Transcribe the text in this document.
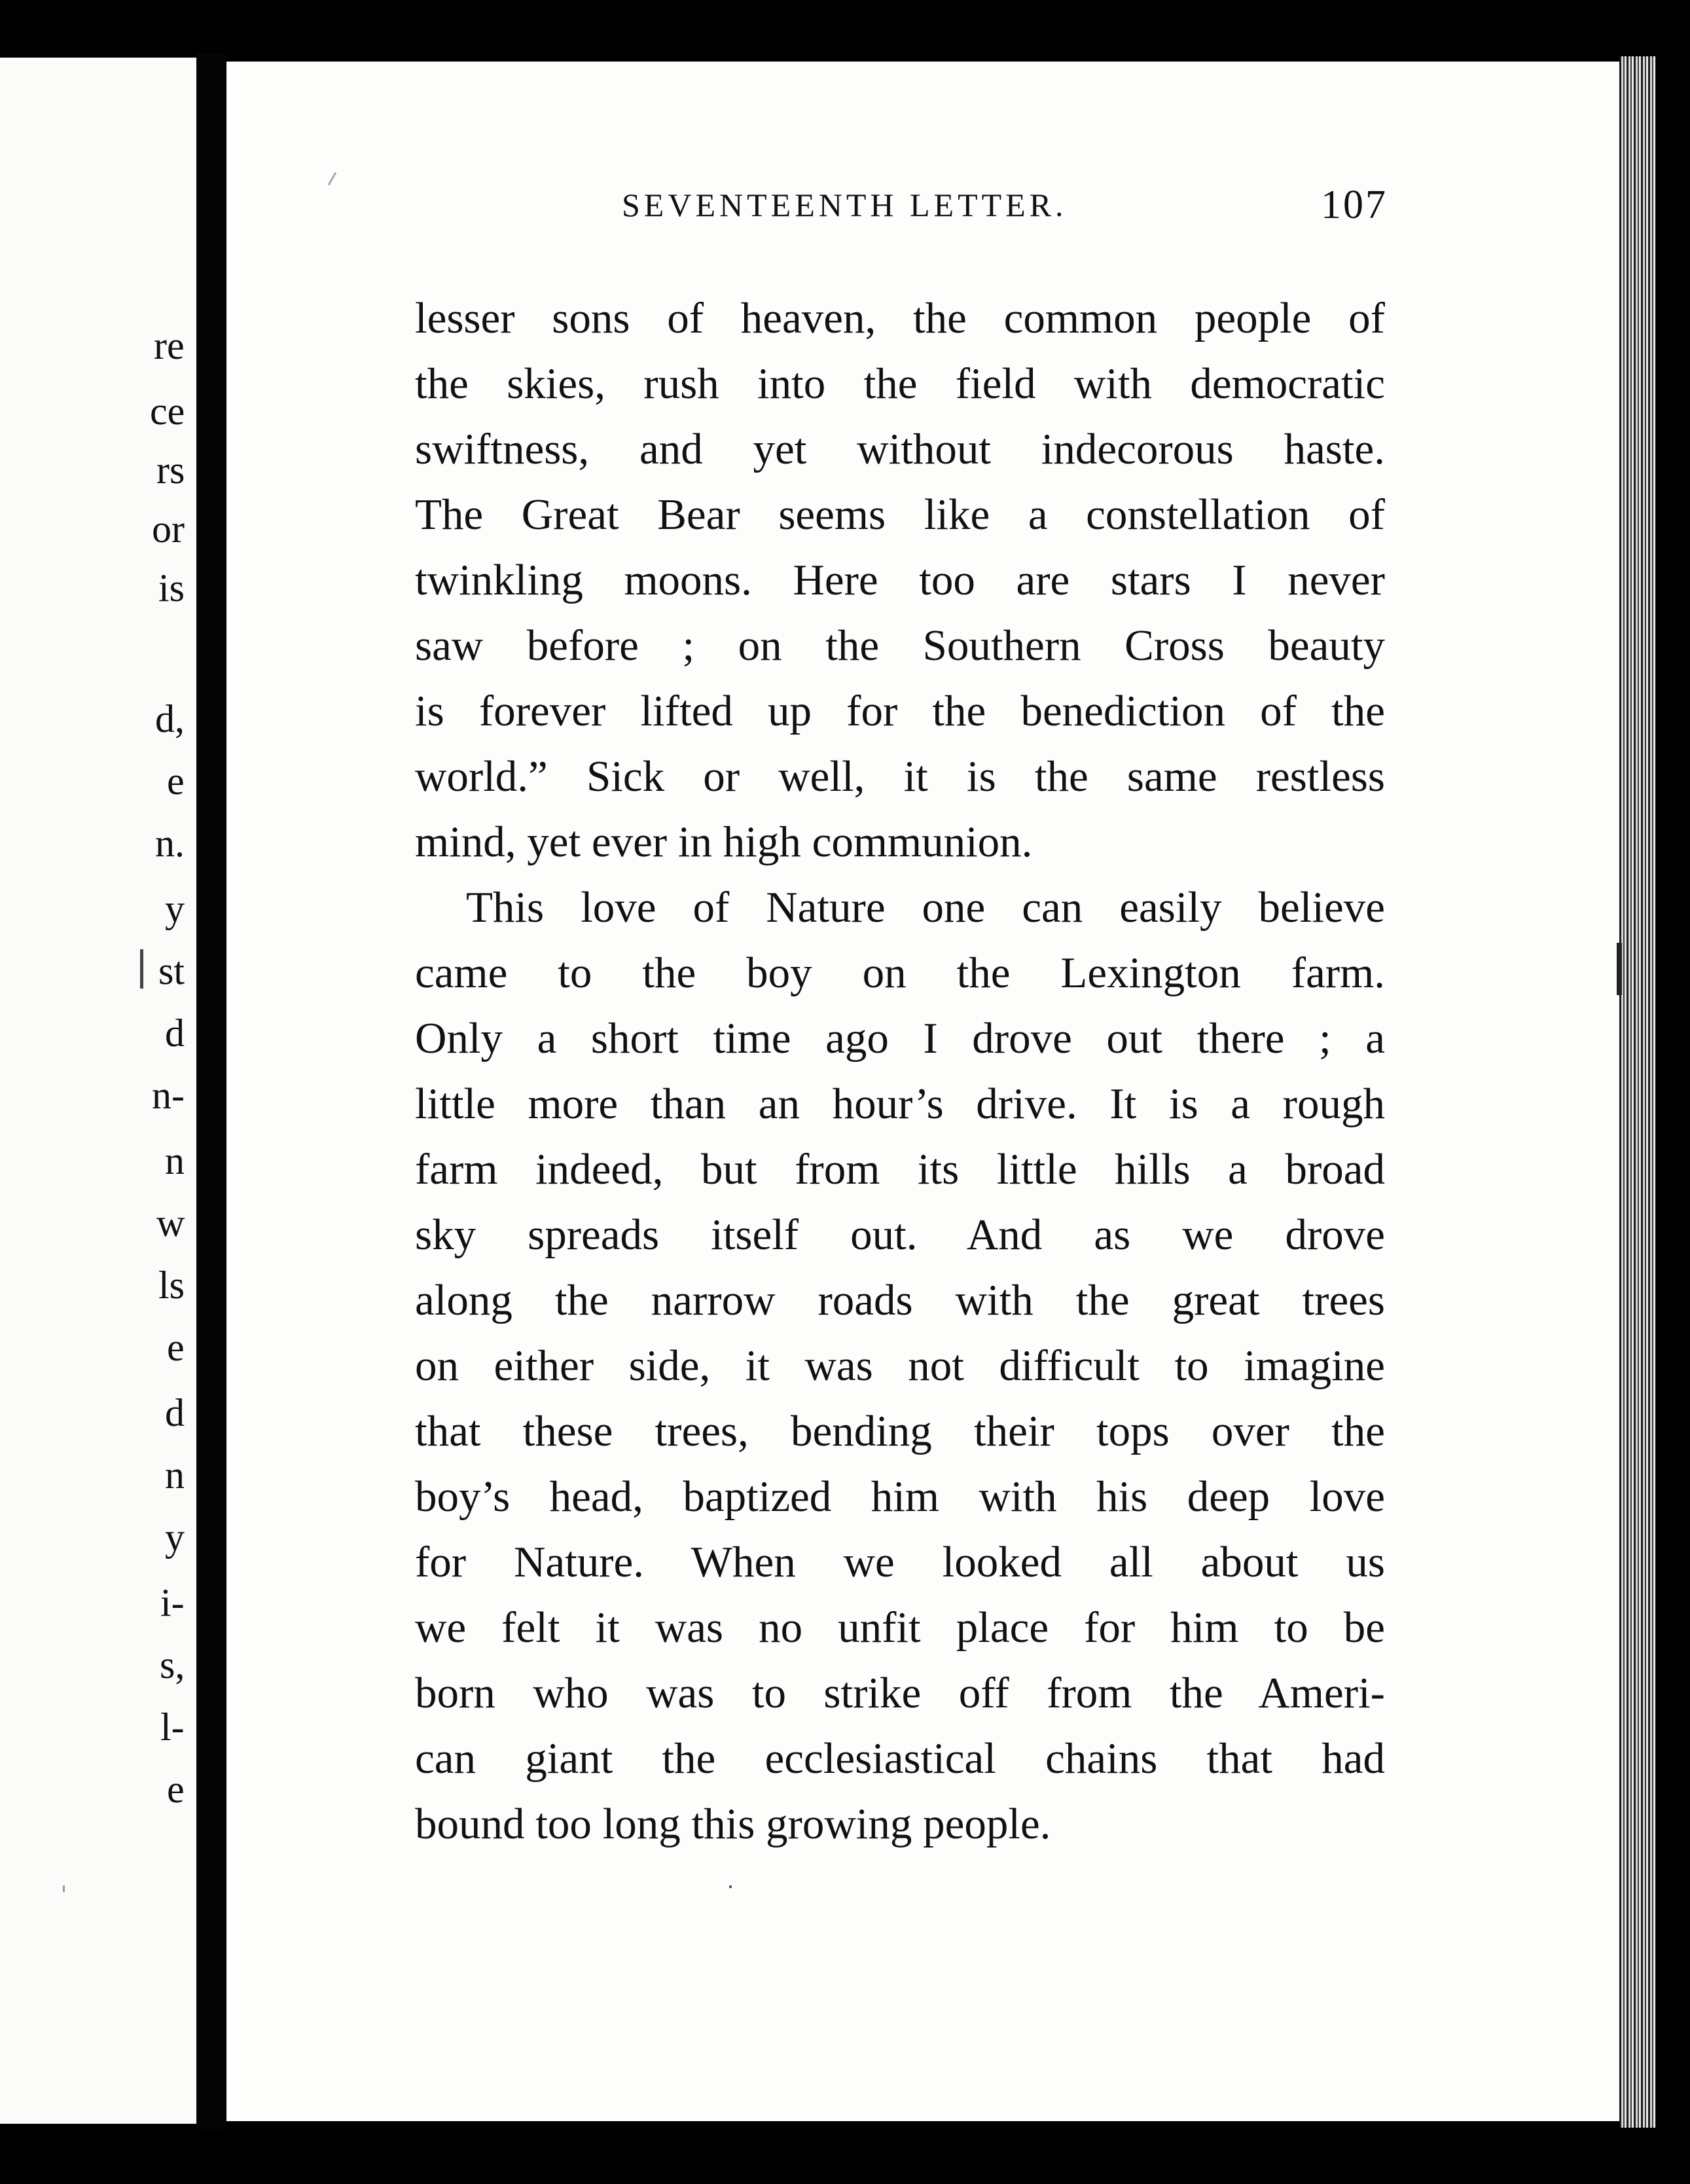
re
ce
rs
or
is
d,
e
n.
y
st
d
n-
n
w
ls
e
d
n
y
i-
s,
l-
e
SEVENTEENTH LETTER.	107
lesser sons of heaven, the common people of
the skies, rush into the field with democratic
swiftness, and yet without indecorous haste.
The Great Bear seems like a constellation of
twinkling moons. Here too are stars I never
saw before ; on the Southern Cross beauty
is forever lifted up for the benediction of the
world.” Sick or well, it is the same restless
mind, yet ever in high communion.
This love of Nature one can easily believe
came to the boy on the Lexington farm.
Only a short time ago I drove out there ; a
little more than an hour’s drive. It is a rough
farm indeed, but from its little hills a broad
sky spreads itself out. And as we drove
along the narrow roads with the great trees
on either side, it was not difficult to imagine
that these trees, bending their tops over the
boy’s head, baptized him with his deep love
for Nature. When we looked all about us
we felt it was no unfit place for him to be
born who was to strike off from the Ameri-
can giant the ecclesiastical chains that had
bound too long this growing people.
